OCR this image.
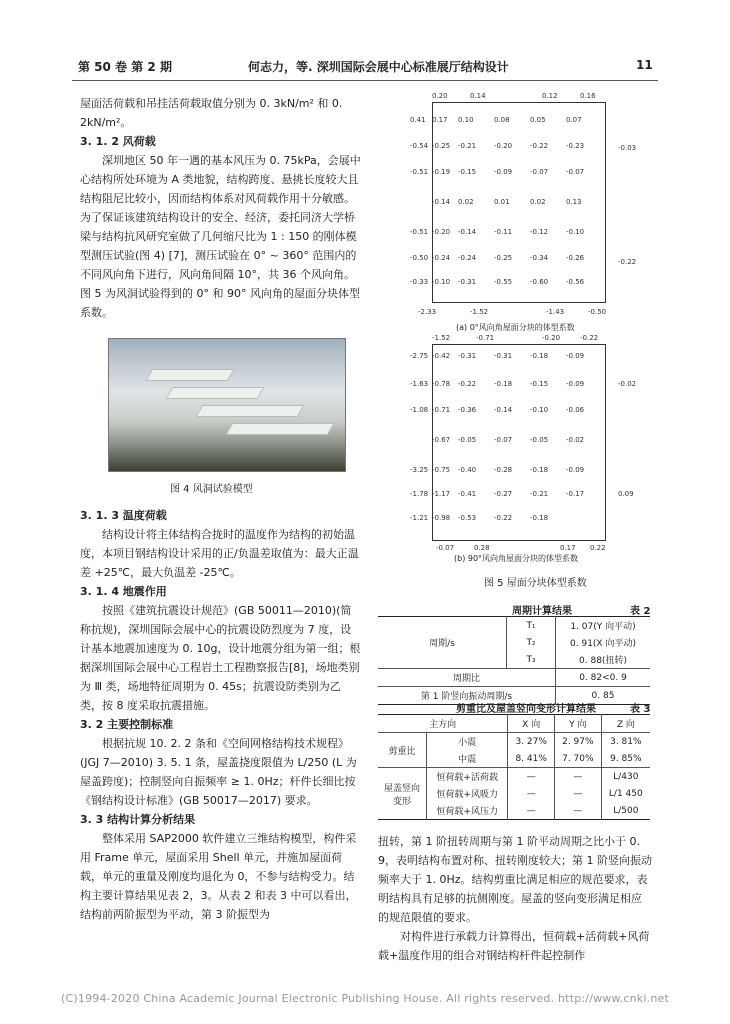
第 50 卷 第 2 期	何志力，等. 深圳国际会展中心标准展厅结构设计	11

屋面活荷载和吊挂活荷载取值分别为 0. 3kN/m² 和 0. 2kN/m²。

3. 1. 2 风荷载

深圳地区 50 年一遇的基本风压为 0. 75kPa，会展中心结构所处环境为 A 类地貌，结构跨度、悬挑长度较大且结构阻尼比较小，因而结构体系对风荷载作用十分敏感。为了保证该建筑结构设计的安全、经济，委托同济大学桥梁与结构抗风研究室做了几何缩尺比为 1 : 150 的刚体模型测压试验(图 4) [7]，测压试验在 0° ~ 360° 范围内的不同风向角下进行，风向角间隔 10°，共 36 个风向角。图 5 为风洞试验得到的 0° 和 90° 风向角的屋面分块体型系数。

图 4 风洞试验模型

3. 1. 3 温度荷载

结构设计将主体结构合拢时的温度作为结构的初始温度，本项目钢结构设计采用的正/负温差取值为：最大正温差 +25℃，最大负温差 -25℃。

3. 1. 4 地震作用

按照《建筑抗震设计规范》(GB 50011—2010)(简称抗规)，深圳国际会展中心的抗震设防烈度为 7 度，设计基本地震加速度为 0. 10g，设计地震分组为第一组；根据深圳国际会展中心工程岩土工程勘察报告[8]，场地类别为 Ⅲ 类，场地特征周期为 0. 45s；抗震设防类别为乙类，按 8 度采取抗震措施。

3. 2 主要控制标准

根据抗规 10. 2. 2 条和《空间网格结构技术规程》(JGJ 7—2010) 3. 5. 1 条，屋盖挠度限值为 L/250 (L 为屋盖跨度)；控制竖向自振频率 ≥ 1. 0Hz；杆件长细比按《钢结构设计标准》(GB 50017—2017) 要求。

3. 3 结构计算分析结果

整体采用 SAP2000 软件建立三维结构模型，构件采用 Frame 单元，屋面采用 Shell 单元，并施加屋面荷载，单元的重量及刚度均退化为 0，不参与结构受力。结构主要计算结果见表 2，3。从表 2 和表 3 中可以看出，结构前两阶振型为平动，第 3 阶振型为

0.20	0.14	0.12	0.16
0.41 0.17 0.10	0.08	0.05	0.07
-0.54 -0.25 -0.21	-0.20	-0.22	-0.23
-0.51 -0.19 -0.15	-0.09	-0.07	-0.07
-0.14 0.02	0.01	0.02	0.13
-0.51 -0.20 -0.14	-0.11	-0.12	-0.10
-0.50 -0.24 -0.24	-0.25	-0.34	-0.26
-0.33 -0.10 -0.31	-0.55	-0.60	-0.56
-0.03
-0.22
-2.33	-1.52	-1.43	-0.50
(a) 0°风向角屋面分块的体型系数
-1.52	-0.71	-0.20	-0.22
-2.75 -0.42 -0.31	-0.31	-0.18	-0.09
-1.63 -0.78 -0.22	-0.18	-0.15	-0.09
-1.08 -0.71 -0.36	-0.14	-0.10	-0.06
-0.67 -0.05	-0.07	-0.05	-0.02
-3.25 -0.75 -0.40	-0.28	-0.18	-0.09
-1.78 -1.17 -0.41	-0.27	-0.21	-0.17
-1.21 -0.98 -0.53	-0.22	-0.18
-0.02
0.09
-0.07	0.28	0.17 0.22
(b) 90°风向角屋面分块的体型系数
图 5 屋面分块体型系数
周期计算结果	表 2
周期/s	T₁	1. 07(Y 向平动)
	T₂	0. 91(X 向平动)
	T₃	0. 88(扭转)
周期比		0. 82<0. 9
第 1 阶竖向振动周期/s		0. 85
剪重比及屋盖竖向变形计算结果	表 3
主方向		X 向	Y 向	Z 向
剪重比	小震	3. 27%	2. 97%	3. 81%
	中震	8. 41%	7. 70%	9. 85%
屋盖竖向变形	恒荷载+活荷载	—	—	L/430
	恒荷载+风吸力	—	—	L/1 450
	恒荷载+风压力	—	—	L/500

扭转，第 1 阶扭转周期与第 1 阶平动周期之比小于 0. 9，表明结构布置对称、扭转刚度较大；第 1 阶竖向振动频率大于 1. 0Hz。结构剪重比满足相应的规范要求，表明结构具有足够的抗侧刚度。屋盖的竖向变形满足相应的规范限值的要求。

对构件进行承载力计算得出，恒荷载+活荷载+风荷载+温度作用的组合对钢结构杆件起控制作

(C)1994-2020 China Academic Journal Electronic Publishing House. All rights reserved. http://www.cnki.net
